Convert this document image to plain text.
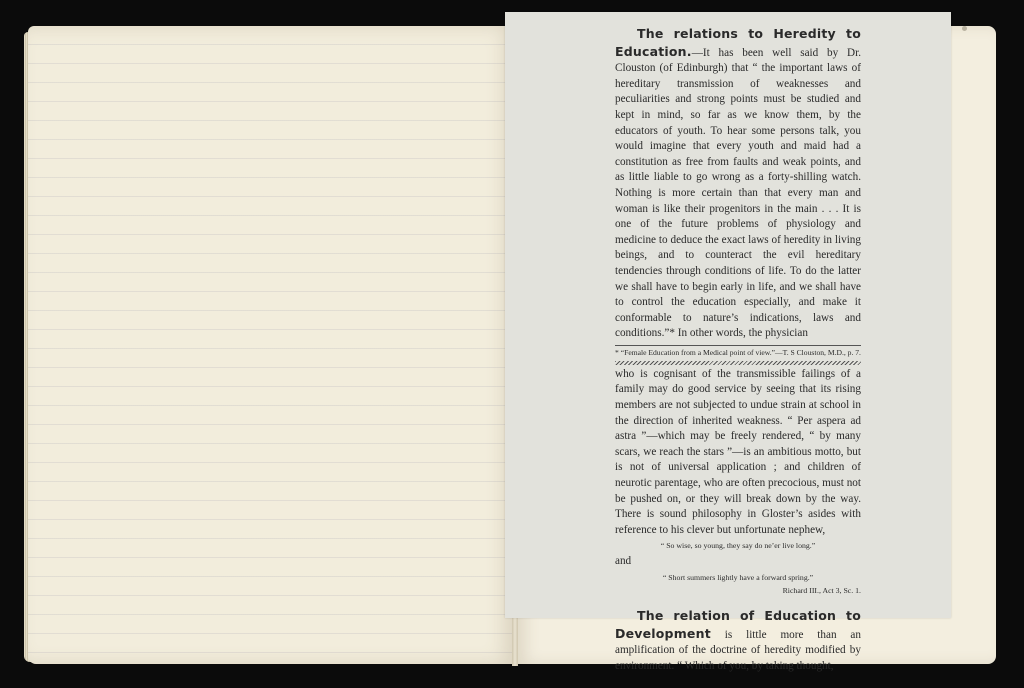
The relations to Heredity to Education.—It has been well said by Dr. Clouston (of Edinburgh) that “ the important laws of hereditary transmission of weaknesses and peculiarities and strong points must be studied and kept in mind, so far as we know them, by the educators of youth. To hear some persons talk, you would imagine that every youth and maid had a constitution as free from faults and weak points, and as little liable to go wrong as a forty-shilling watch. Nothing is more certain than that every man and woman is like their progenitors in the main . . . It is one of the future problems of physiology and medicine to deduce the exact laws of heredity in living beings, and to counteract the evil hereditary tendencies through conditions of life. To do the latter we shall have to begin early in life, and we shall have to control the education especially, and make it conformable to nature’s indications, laws and conditions.”* In other words, the physician

* “Female Education from a Medical point of view.”—T. S Clouston, M.D., p. 7.

who is cognisant of the transmissible failings of a family may do good service by seeing that its rising members are not subjected to undue strain at school in the direction of inherited weakness. “ Per aspera ad astra ”—which may be freely rendered, “ by many scars, we reach the stars ”—is an ambitious motto, but is not of universal application ; and children of neurotic parentage, who are often precocious, must not be pushed on, or they will break down by the way. There is sound philosophy in Gloster’s asides with reference to his clever but unfortunate nephew,

“ So wise, so young, they say do ne’er live long.”
and
“ Short summers lightly have a forward spring.”
Richard III., Act 3, Sc. 1.

The relation of Education to Development is little more than an amplification of the doctrine of heredity modified by environment. “ Which of you, by taking thought,
